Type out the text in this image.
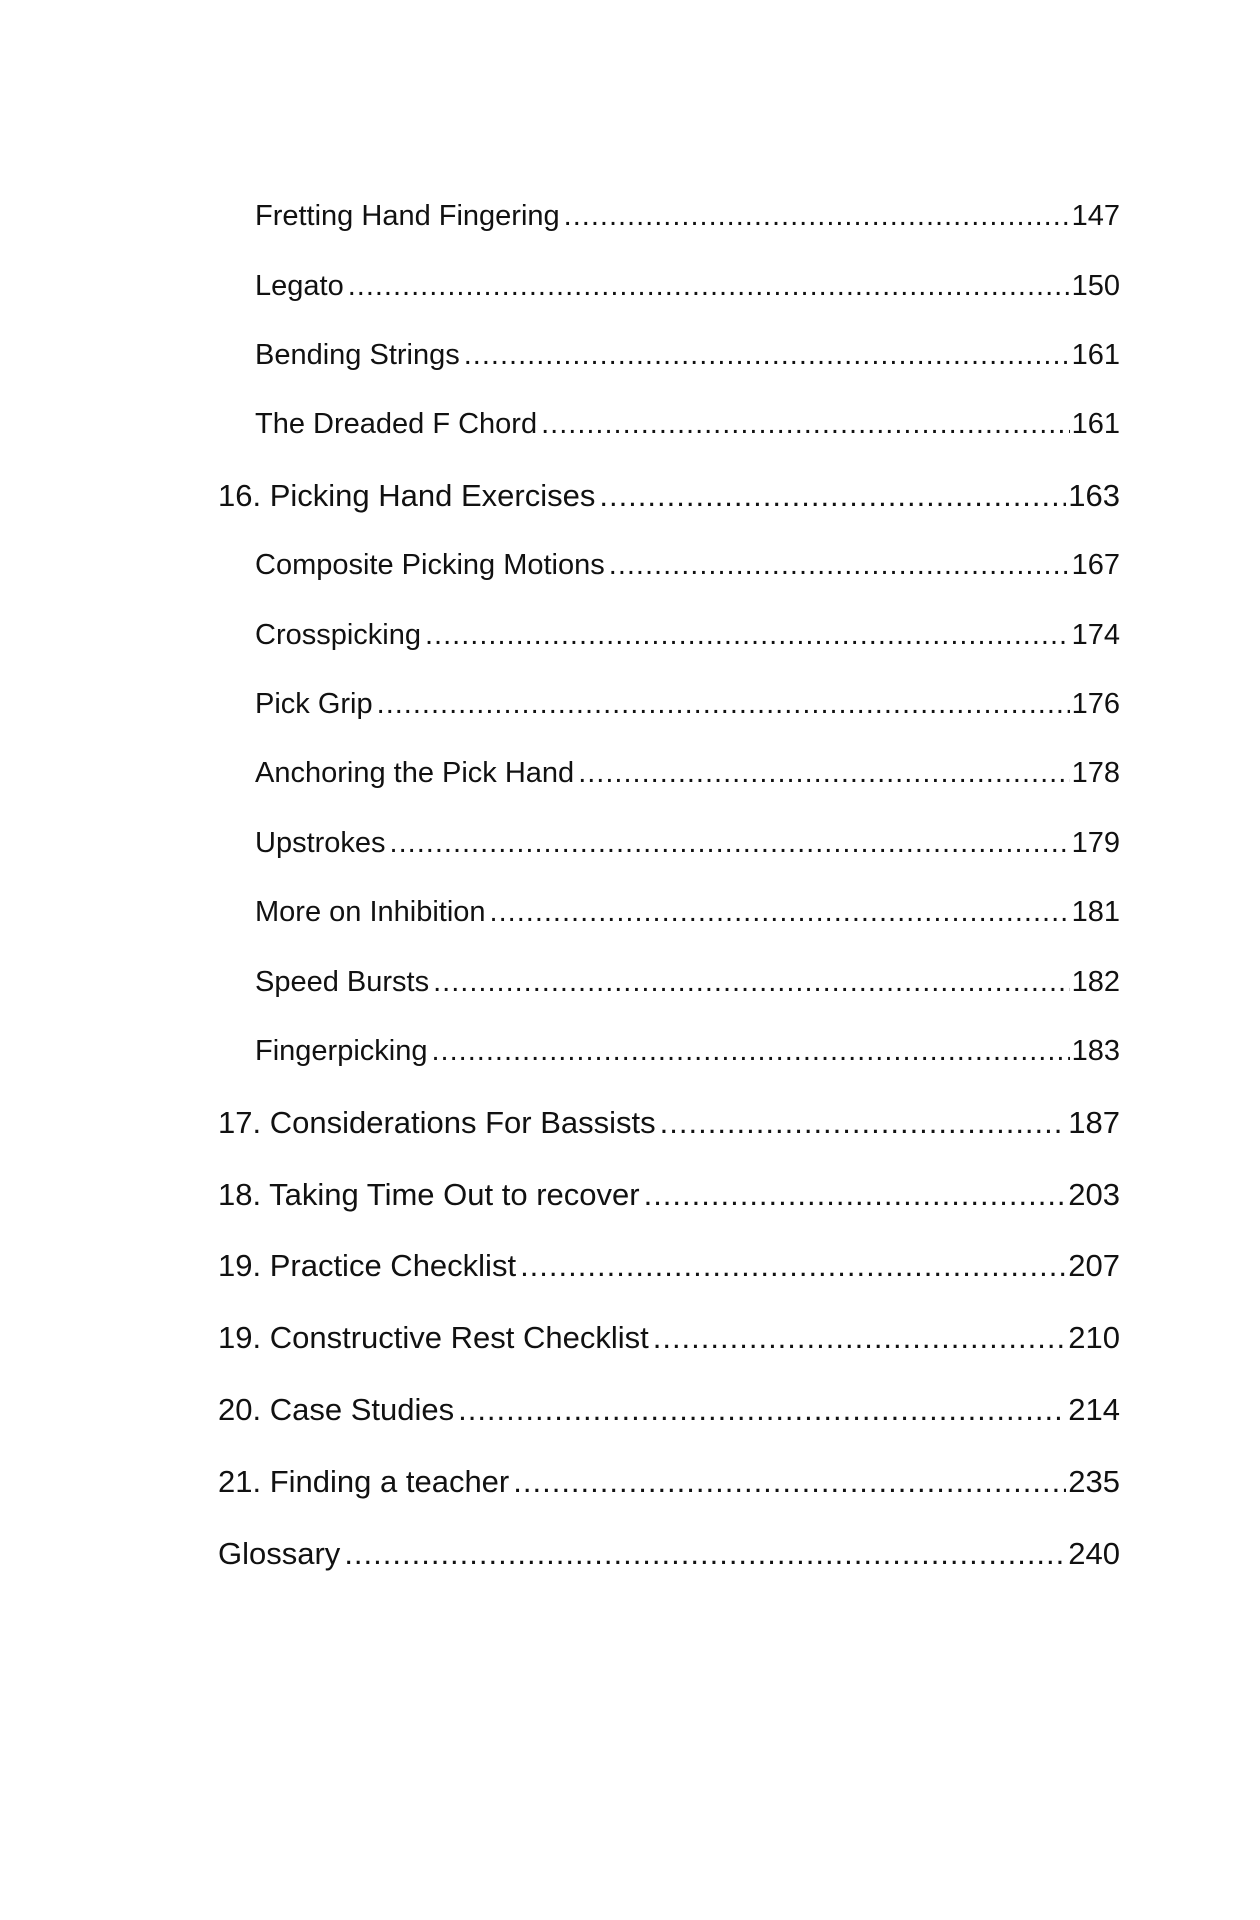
Fretting Hand Fingering .....	147
Legato .....	150
Bending Strings .....	161
The Dreaded F Chord .....	161
16. Picking Hand Exercises .....	163
Composite Picking Motions .....	167
Crosspicking .....	174
Pick Grip .....	176
Anchoring the Pick Hand .....	178
Upstrokes .....	179
More on Inhibition .....	181
Speed Bursts .....	182
Fingerpicking .....	183
17. Considerations For Bassists .....	187
18. Taking Time Out to recover .....	203
19. Practice Checklist .....	207
19. Constructive Rest Checklist .....	210
20. Case Studies .....	214
21. Finding a teacher .....	235
Glossary .....	240
